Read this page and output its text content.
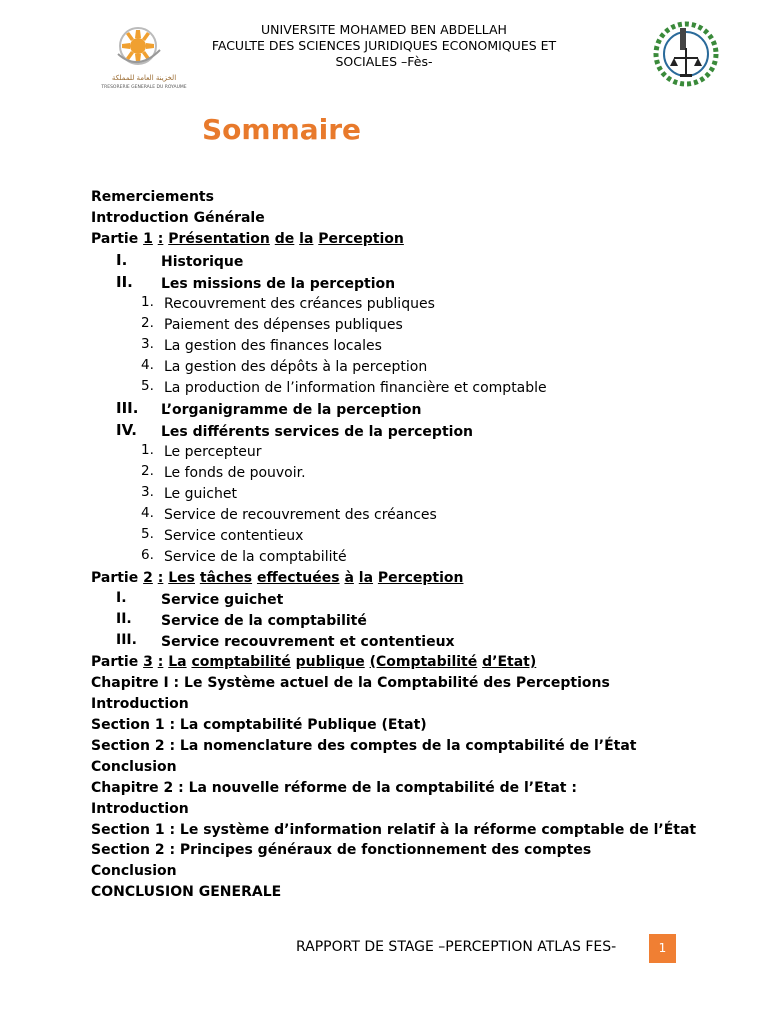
الخزينة العامة للمملكة
TRESORERIE GENERALE DU ROYAUME
UNIVERSITE MOHAMED BEN ABDELLAH
FACULTE DES SCIENCES JURIDIQUES ECONOMIQUES ET
SOCIALES –Fès-
Sommaire
Remerciements
Introduction Générale
Partie 1 : Présentation de la Perception
I. Historique
II. Les missions de la perception
1. Recouvrement des créances publiques
2. Paiement des dépenses publiques
3. La gestion des finances locales
4. La gestion des dépôts à la perception
5. La production de l’information financière et comptable
III. L’organigramme de la perception
IV. Les différents services de la perception
1. Le percepteur
2. Le fonds de pouvoir.
3. Le guichet
4. Service de recouvrement des créances
5. Service contentieux
6. Service de la comptabilité
Partie 2 : Les tâches effectuées à la Perception
I. Service guichet
II. Service de la comptabilité
III. Service recouvrement et contentieux
Partie 3 : La comptabilité publique (Comptabilité d’Etat)
Chapitre I : Le Système actuel de la Comptabilité des Perceptions
Introduction
Section 1 : La comptabilité Publique (Etat)
Section 2 : La nomenclature des comptes de la comptabilité de l’État
Conclusion
Chapitre 2 : La nouvelle réforme de la comptabilité de l’Etat :
Introduction
Section 1 : Le système d’information relatif à la réforme comptable de l’État
Section 2 : Principes généraux de fonctionnement des comptes
Conclusion
CONCLUSION GENERALE
RAPPORT DE STAGE –PERCEPTION ATLAS FES-	1
